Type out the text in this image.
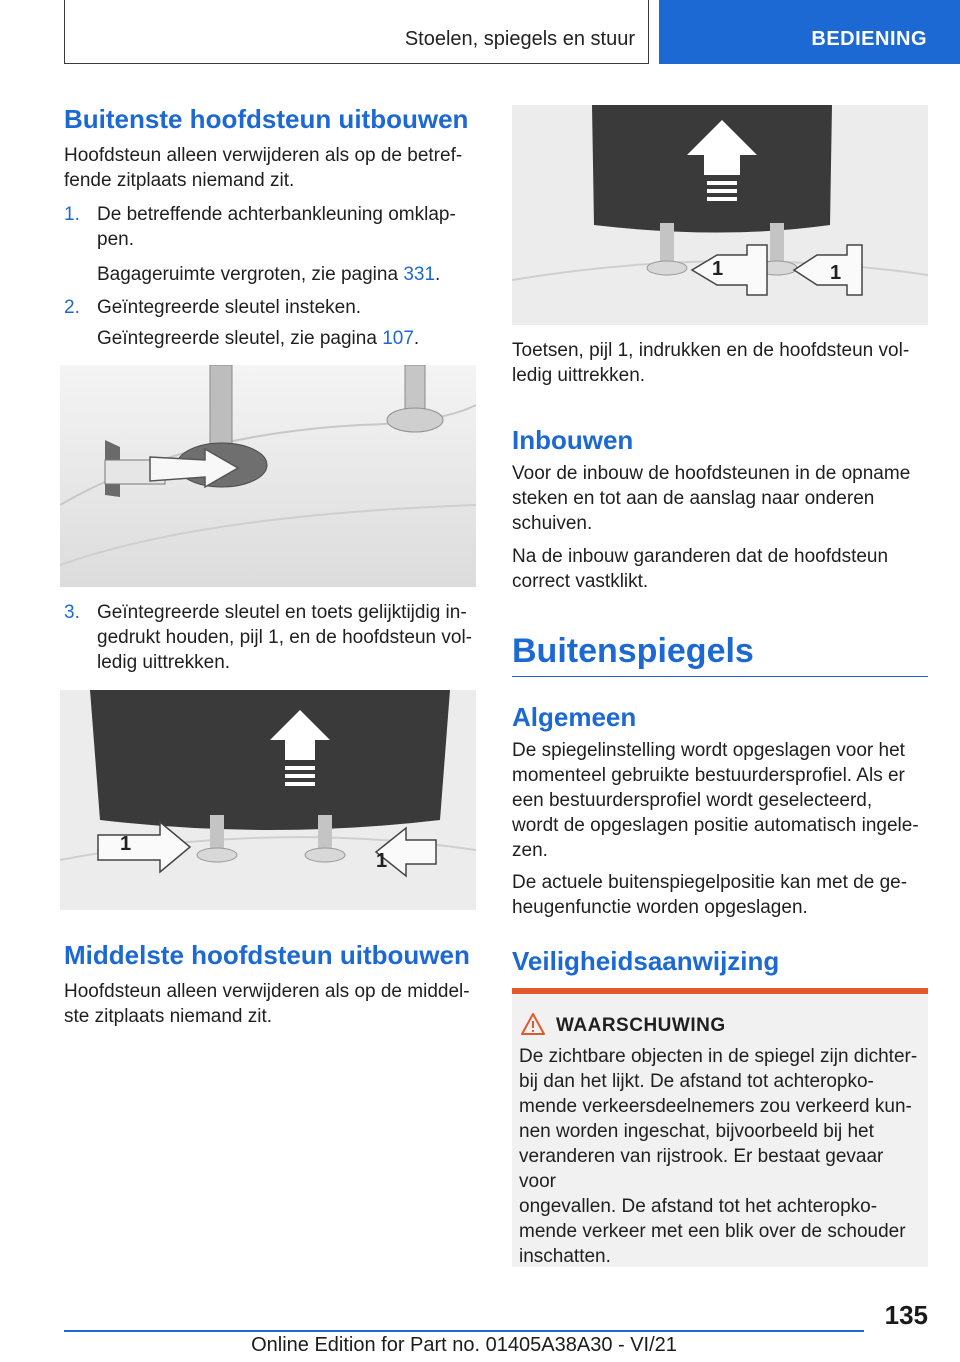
Stoelen, spiegels en stuur	BEDIENING
Buitenste hoofdsteun uitbouwen
Hoofdsteun alleen verwijderen als op de betref-
fende zitplaats niemand zit.
1. De betreffende achterbankleuning omklap-
pen.
Bagageruimte vergroten, zie pagina 331.
2. Geïntegreerde sleutel insteken.
Geïntegreerde sleutel, zie pagina 107.
3. Geïntegreerde sleutel en toets gelijktijdig in-
gedrukt houden, pijl 1, en de hoofdsteun vol-
ledig uittrekken.
1
1
Middelste hoofdsteun uitbouwen
Hoofdsteun alleen verwijderen als op de middel-
ste zitplaats niemand zit.
1	1
Toetsen, pijl 1, indrukken en de hoofdsteun vol-
ledig uittrekken.
Inbouwen
Voor de inbouw de hoofdsteunen in de opname
steken en tot aan de aanslag naar onderen
schuiven.
Na de inbouw garanderen dat de hoofdsteun
correct vastklikt.
Buitenspiegels
Algemeen
De spiegelinstelling wordt opgeslagen voor het
momenteel gebruikte bestuurdersprofiel. Als er
een bestuurdersprofiel wordt geselecteerd,
wordt de opgeslagen positie automatisch ingele-
zen.
De actuele buitenspiegelpositie kan met de ge-
heugenfunctie worden opgeslagen.
Veiligheidsaanwijzing
WAARSCHUWING
De zichtbare objecten in de spiegel zijn dichter-
bij dan het lijkt. De afstand tot achteropko-
mende verkeersdeelnemers zou verkeerd kun-
nen worden ingeschat, bijvoorbeeld bij het
veranderen van rijstrook. Er bestaat gevaar voor
ongevallen. De afstand tot het achteropko-
mende verkeer met een blik over de schouder
inschatten.
135
Online Edition for Part no. 01405A38A30 - VI/21
